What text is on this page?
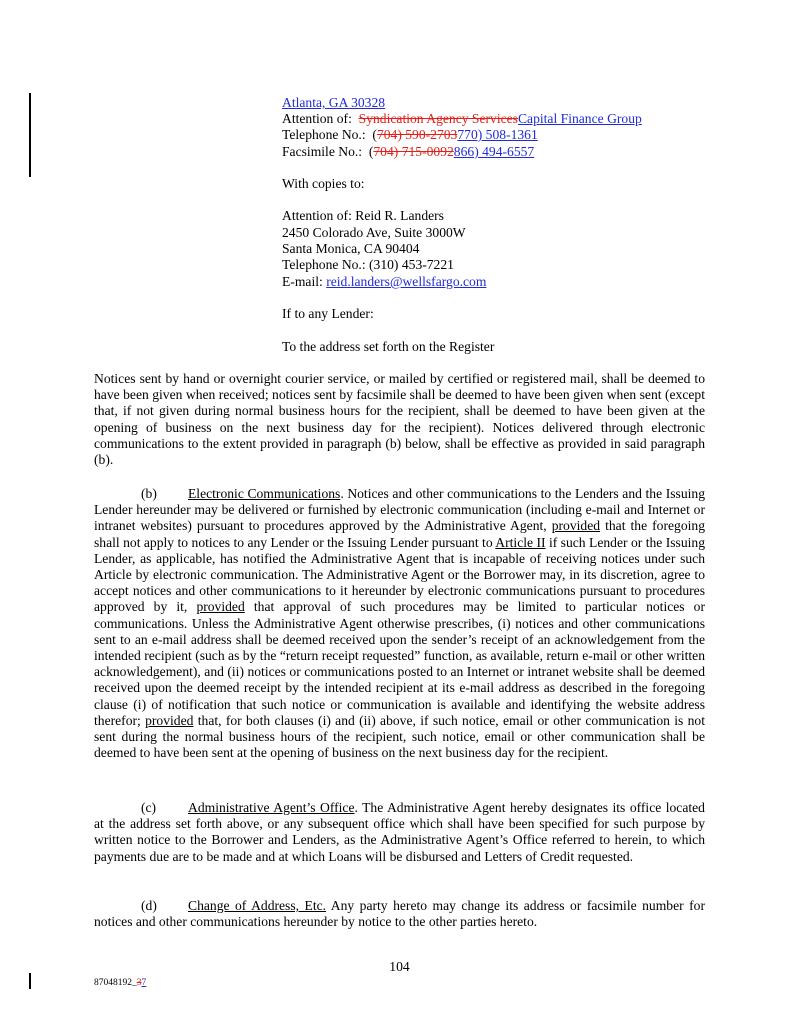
Atlanta, GA 30328
Attention of: Syndication Agency ServicesCapital Finance Group
Telephone No.: (704) 590-2703770) 508-1361
Facsimile No.: (704) 715-0092866) 494-6557
With copies to:
Attention of: Reid R. Landers
2450 Colorado Ave, Suite 3000W
Santa Monica, CA 90404
Telephone No.: (310) 453-7221
E-mail: reid.landers@wellsfargo.com
If to any Lender:
To the address set forth on the Register

Notices sent by hand or overnight courier service, or mailed by certified or registered mail, shall be deemed to have been given when received; notices sent by facsimile shall be deemed to have been given when sent (except that, if not given during normal business hours for the recipient, shall be deemed to have been given at the opening of business on the next business day for the recipient). Notices delivered through electronic communications to the extent provided in paragraph (b) below, shall be effective as provided in said paragraph (b).

(b) Electronic Communications. Notices and other communications to the Lenders and the Issuing Lender hereunder may be delivered or furnished by electronic communication (including e-mail and Internet or intranet websites) pursuant to procedures approved by the Administrative Agent, provided that the foregoing shall not apply to notices to any Lender or the Issuing Lender pursuant to Article II if such Lender or the Issuing Lender, as applicable, has notified the Administrative Agent that is incapable of receiving notices under such Article by electronic communication. The Administrative Agent or the Borrower may, in its discretion, agree to accept notices and other communications to it hereunder by electronic communications pursuant to procedures approved by it, provided that approval of such procedures may be limited to particular notices or communications. Unless the Administrative Agent otherwise prescribes, (i) notices and other communications sent to an e-mail address shall be deemed received upon the sender’s receipt of an acknowledgement from the intended recipient (such as by the “return receipt requested” function, as available, return e-mail or other written acknowledgement), and (ii) notices or communications posted to an Internet or intranet website shall be deemed received upon the deemed receipt by the intended recipient at its e-mail address as described in the foregoing clause (i) of notification that such notice or communication is available and identifying the website address therefor; provided that, for both clauses (i) and (ii) above, if such notice, email or other communication is not sent during the normal business hours of the recipient, such notice, email or other communication shall be deemed to have been sent at the opening of business on the next business day for the recipient.

(c) Administrative Agent’s Office. The Administrative Agent hereby designates its office located at the address set forth above, or any subsequent office which shall have been specified for such purpose by written notice to the Borrower and Lenders, as the Administrative Agent’s Office referred to herein, to which payments due are to be made and at which Loans will be disbursed and Letters of Credit requested.

(d) Change of Address, Etc. Any party hereto may change its address or facsimile number for notices and other communications hereunder by notice to the other parties hereto.

104
87048192_37
